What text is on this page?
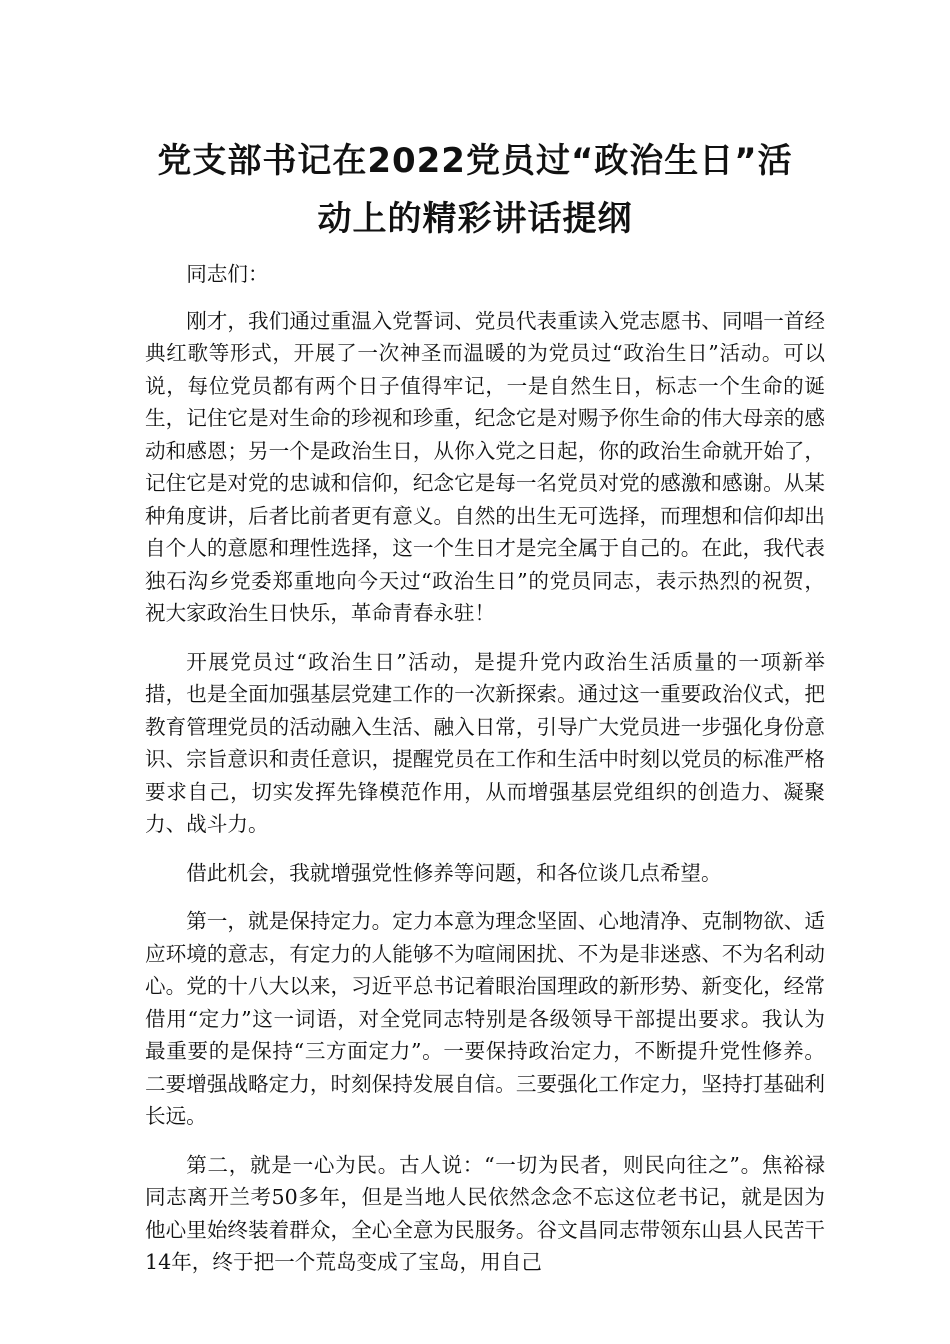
党支部书记在2022党员过“政治生日”活
动上的精彩讲话提纲

同志们：

刚才，我们通过重温入党誓词、党员代表重读入党志愿书、同唱一首经典红歌等形式，开展了一次神圣而温暖的为党员过“政治生日”活动。可以说，每位党员都有两个日子值得牢记，一是自然生日，标志一个生命的诞生，记住它是对生命的珍视和珍重，纪念它是对赐予你生命的伟大母亲的感动和感恩；另一个是政治生日，从你入党之日起，你的政治生命就开始了，记住它是对党的忠诚和信仰，纪念它是每一名党员对党的感激和感谢。从某种角度讲，后者比前者更有意义。自然的出生无可选择，而理想和信仰却出自个人的意愿和理性选择，这一个生日才是完全属于自己的。在此，我代表独石沟乡党委郑重地向今天过“政治生日”的党员同志，表示热烈的祝贺，祝大家政治生日快乐，革命青春永驻！

开展党员过“政治生日”活动，是提升党内政治生活质量的一项新举措，也是全面加强基层党建工作的一次新探索。通过这一重要政治仪式，把教育管理党员的活动融入生活、融入日常，引导广大党员进一步强化身份意识、宗旨意识和责任意识，提醒党员在工作和生活中时刻以党员的标准严格要求自己，切实发挥先锋模范作用，从而增强基层党组织的创造力、凝聚力、战斗力。

借此机会，我就增强党性修养等问题，和各位谈几点希望。

第一，就是保持定力。定力本意为理念坚固、心地清净、克制物欲、适应环境的意志，有定力的人能够不为喧闹困扰、不为是非迷惑、不为名利动心。党的十八大以来，习近平总书记着眼治国理政的新形势、新变化，经常借用“定力”这一词语，对全党同志特别是各级领导干部提出要求。我认为最重要的是保持“三方面定力”。一要保持政治定力，不断提升党性修养。二要增强战略定力，时刻保持发展自信。三要强化工作定力，坚持打基础利长远。

第二，就是一心为民。古人说：“一切为民者，则民向往之”。焦裕禄同志离开兰考50多年，但是当地人民依然念念不忘这位老书记，就是因为他心里始终装着群众，全心全意为民服务。谷文昌同志带领东山县人民苦干14年，终于把一个荒岛变成了宝岛，用自己
